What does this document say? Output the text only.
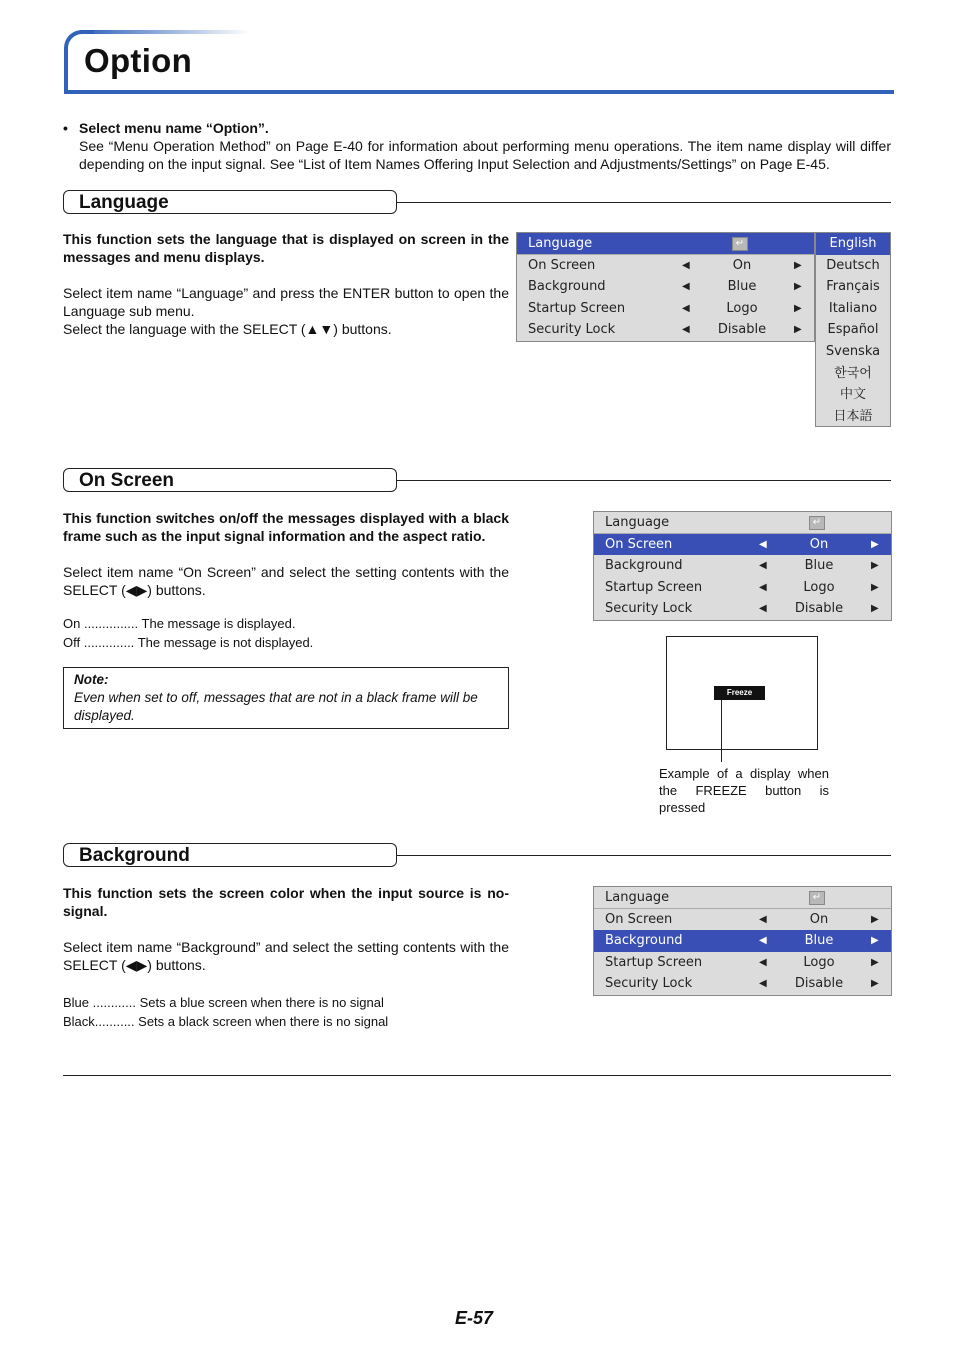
Option
• Select menu name “Option”.
See “Menu Operation Method” on Page E-40 for information about performing menu operations. The item name display will differ depending on the input signal. See “List of Item Names Offering Input Selection and Adjustments/Settings” on Page E-45.
Language
This function sets the language that is displayed on screen in the messages and menu displays.
Select item name “Language” and press the ENTER button to open the Language sub menu.
Select the language with the SELECT (▲▼) buttons.
Language	↵
On Screen	◀	On	▶
Background	◀	Blue	▶
Startup Screen	◀	Logo	▶
Security Lock	◀	Disable	▶
English
Deutsch
Français
Italiano
Español
Svenska
한국어
中文
日本語
On Screen
This function switches on/off the messages displayed with a black frame such as the input signal information and the aspect ratio.
Select item name “On Screen” and select the setting contents with the SELECT (◀▶) buttons.
On ............... The message is displayed.
Off .............. The message is not displayed.
Note:
Even when set to off, messages that are not in a black frame will be displayed.
Language	↵
On Screen	◀	On	▶
Background	◀	Blue	▶
Startup Screen	◀	Logo	▶
Security Lock	◀	Disable	▶
Freeze
Example of a display when the FREEZE button is pressed
Background
This function sets the screen color when the input source is no-signal.
Select item name “Background” and select the setting contents with the SELECT (◀▶) buttons.
Blue ............ Sets a blue screen when there is no signal
Black........... Sets a black screen when there is no signal
Language	↵
On Screen	◀	On	▶
Background	◀	Blue	▶
Startup Screen	◀	Logo	▶
Security Lock	◀	Disable	▶
E-57
